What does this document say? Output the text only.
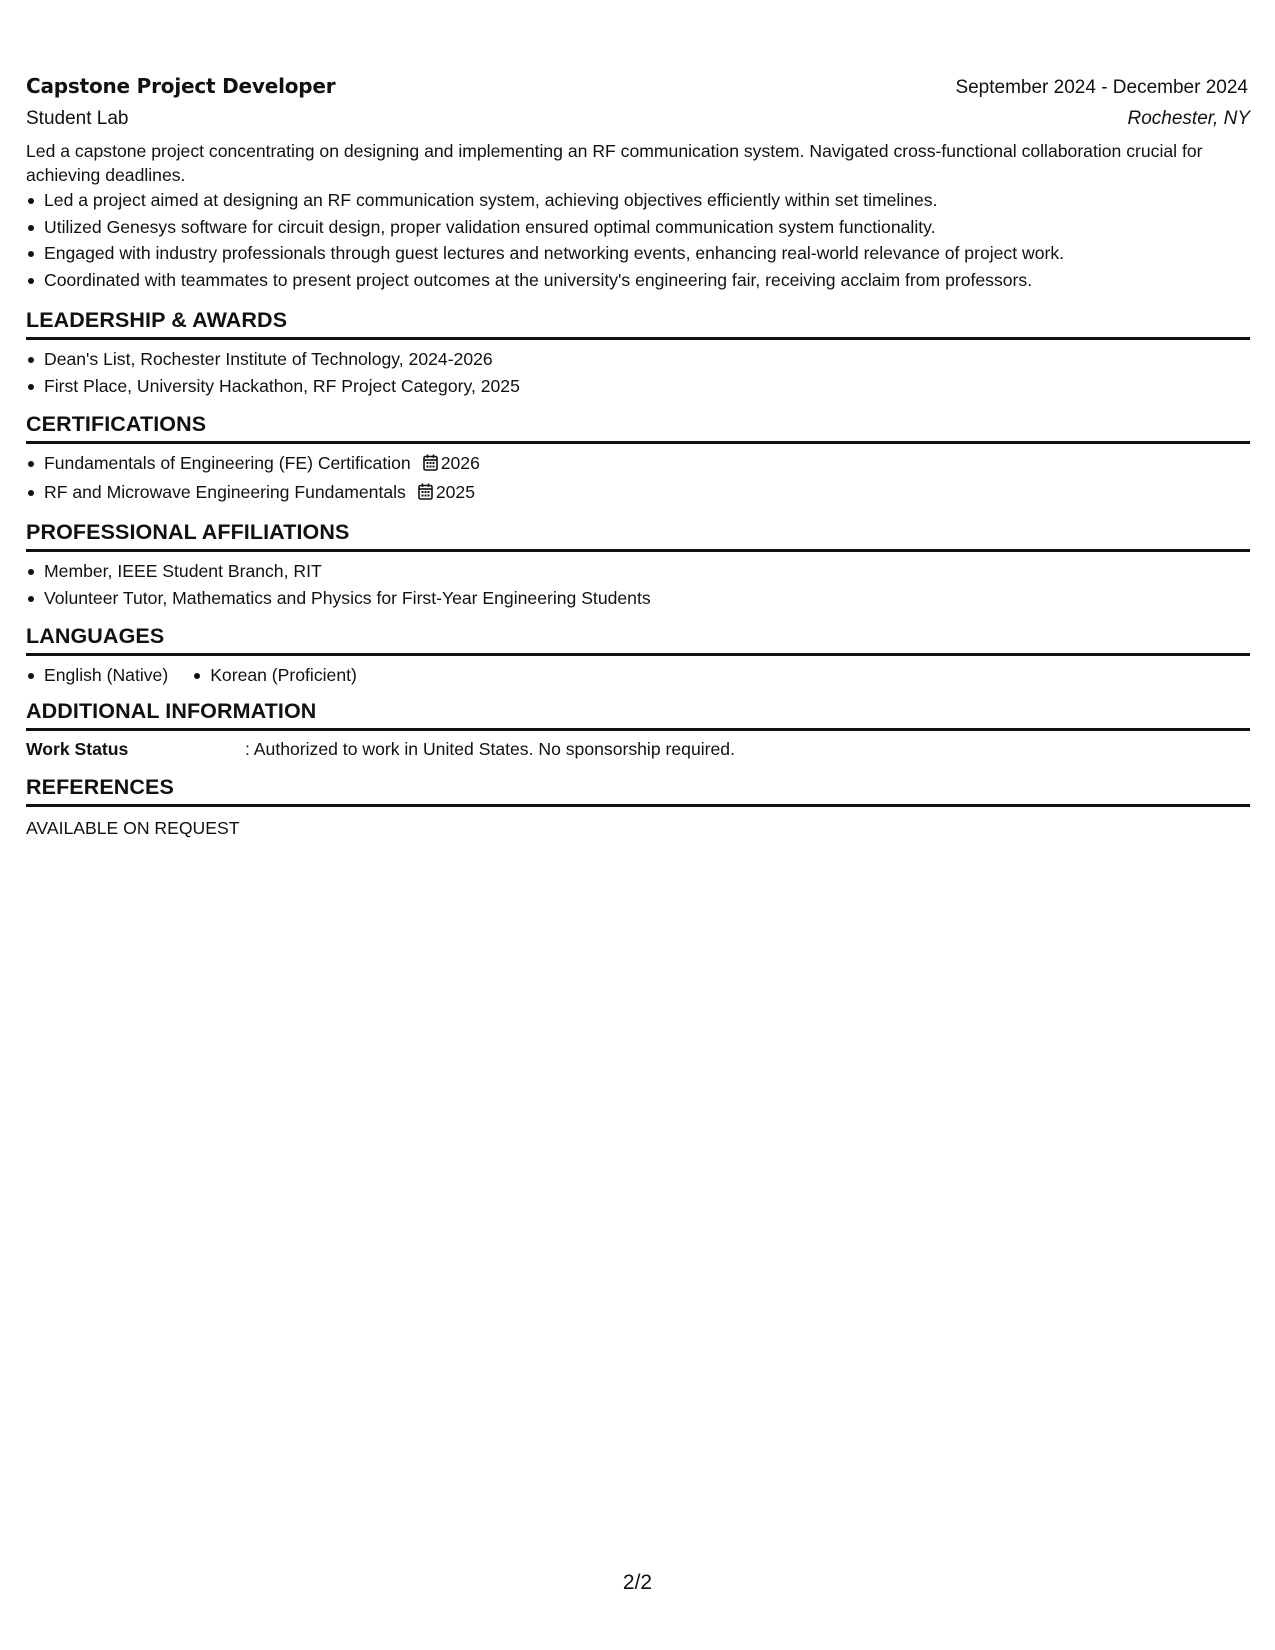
Capstone Project Developer	September 2024 - December 2024
Student Lab	Rochester, NY
Led a capstone project concentrating on designing and implementing an RF communication system. Navigated cross-functional collaboration crucial for achieving deadlines.
Led a project aimed at designing an RF communication system, achieving objectives efficiently within set timelines.
Utilized Genesys software for circuit design, proper validation ensured optimal communication system functionality.
Engaged with industry professionals through guest lectures and networking events, enhancing real-world relevance of project work.
Coordinated with teammates to present project outcomes at the university's engineering fair, receiving acclaim from professors.
LEADERSHIP & AWARDS
Dean's List, Rochester Institute of Technology, 2024-2026
First Place, University Hackathon, RF Project Category, 2025
CERTIFICATIONS
Fundamentals of Engineering (FE) Certification 2026
RF and Microwave Engineering Fundamentals 2025
PROFESSIONAL AFFILIATIONS
Member, IEEE Student Branch, RIT
Volunteer Tutor, Mathematics and Physics for First-Year Engineering Students
LANGUAGES
English (Native)	Korean (Proficient)
ADDITIONAL INFORMATION
Work Status	: Authorized to work in United States. No sponsorship required.
REFERENCES
AVAILABLE ON REQUEST
2/2
